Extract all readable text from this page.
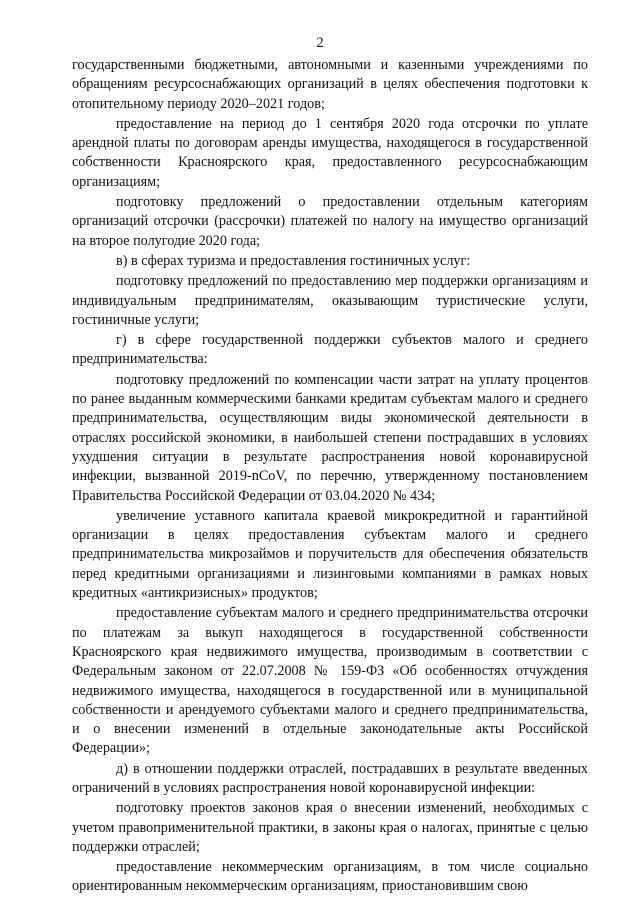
2

государственными бюджетными, автономными и казенными учреждениями по обращениям ресурсоснабжающих организаций в целях обеспечения подготовки к отопительному периоду 2020–2021 годов;

предоставление на период до 1 сентября 2020 года отсрочки по уплате арендной платы по договорам аренды имущества, находящегося в государственной собственности Красноярского края, предоставленного ресурсоснабжающим организациям;

подготовку предложений о предоставлении отдельным категориям организаций отсрочки (рассрочки) платежей по налогу на имущество организаций на второе полугодие 2020 года;

в) в сферах туризма и предоставления гостиничных услуг:

подготовку предложений по предоставлению мер поддержки организациям и индивидуальным предпринимателям, оказывающим туристические услуги, гостиничные услуги;

г) в сфере государственной поддержки субъектов малого и среднего предпринимательства:

подготовку предложений по компенсации части затрат на уплату процентов по ранее выданным коммерческими банками кредитам субъектам малого и среднего предпринимательства, осуществляющим виды экономической деятельности в отраслях российской экономики, в наибольшей степени пострадавших в условиях ухудшения ситуации в результате распространения новой коронавирусной инфекции, вызванной 2019-nCoV, по перечню, утвержденному постановлением Правительства Российской Федерации от 03.04.2020 № 434;

увеличение уставного капитала краевой микрокредитной и гарантийной организации в целях предоставления субъектам малого и среднего предпринимательства микрозаймов и поручительств для обеспечения обязательств перед кредитными организациями и лизинговыми компаниями в рамках новых кредитных «антикризисных» продуктов;

предоставление субъектам малого и среднего предпринимательства отсрочки по платежам за выкуп находящегося в государственной собственности Красноярского края недвижимого имущества, производимым в соответствии с Федеральным законом от 22.07.2008 № 159-ФЗ «Об особенностях отчуждения недвижимого имущества, находящегося в государственной или в муниципальной собственности и арендуемого субъектами малого и среднего предпринимательства, и о внесении изменений в отдельные законодательные акты Российской Федерации»;

д) в отношении поддержки отраслей, пострадавших в результате введенных ограничений в условиях распространения новой коронавирусной инфекции:

подготовку проектов законов края о внесении изменений, необходимых с учетом правоприменительной практики, в законы края о налогах, принятые с целью поддержки отраслей;

предоставление некоммерческим организациям, в том числе социально ориентированным некоммерческим организациям, приостановившим свою
